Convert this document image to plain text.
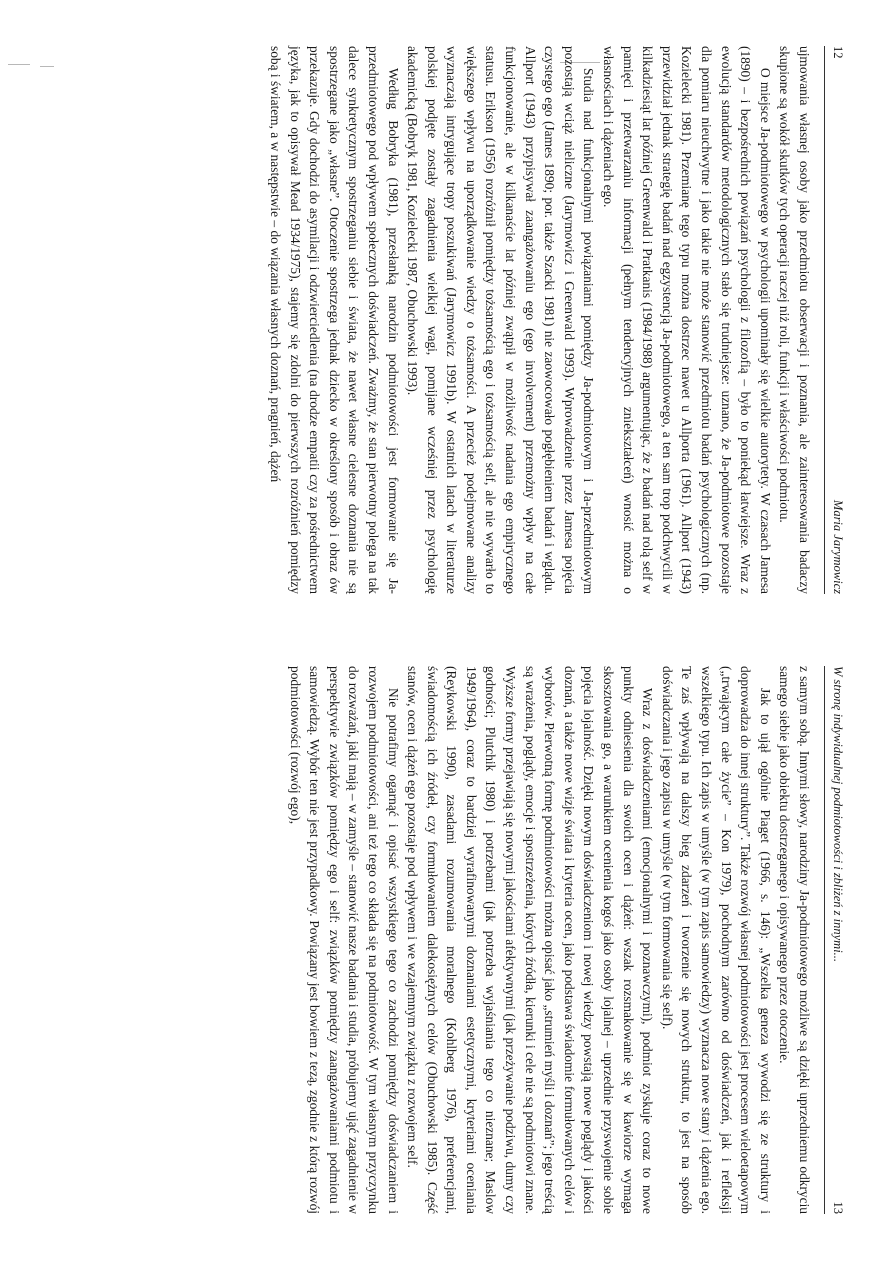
12
Maria Jarymowicz

ujmowania własnej osoby jako przedmiotu obserwacji i poznania, ale zainteresowania badaczy skupione są wokół skutków tych operacji raczej niż roli, funkcji i właściwości podmiotu.

O miejsce Ja-podmiotowego w psychologii upominały się wielkie autorytety. W czasach Jamesa (1890) – i bezpośrednich powiązań psychologii z filozofią – było to poniekąd łatwiejsze. Wraz z ewolucją standardów metodologicznych stało się trudniejsze: uznano, że Ja-podmiotowe pozostaje dla pomiaru nieuchwytne i jako takie nie może stanowić przedmiotu badań psychologicznych (np. Kozielecki 1981). Przemianę tego typu można dostrzec nawet u Allporta (1961). Allport (1943) przewidział jednak strategię badań nad egzystencją Ja-podmiotowego, a ten sam trop podchwycili w kilkadziesiąt lat później Greenwald i Pratkanis (1984/1988) argumentując, że z badań nad rolą self w pamięci i przetwarzaniu informacji (pełnym tendencyjnych zniekształceń) wnosić można o własnościach i dążeniach ego.

Studia nad funkcjonalnymi powiązaniami pomiędzy Ja-podmiotowym i Ja-przedmiotowym pozostają wciąż nieliczne (Jarymowicz i Greenwald 1993). Wprowadzenie przez Jamesa pojęcia czystego ego (James 1890; por. także Szacki 1981) nie zaowocowało pogłębieniem badań i wglądu. Allport (1943) przypisywał zaangażowaniu ego (ego involvement) przemożny wpływ na całe funkcjonowanie, ale w kilkanaście lat później zwątpił w możliwość nadania ego empirycznego statusu. Erikson (1956) rozróżnił pomiędzy tożsamością ego i tożsamością self, ale nie wywarło to większego wpływu na uporządkowanie wiedzy o tożsamości. A przecież podejmowane analizy wyznaczają intrygujące tropy poszukiwań (Jarymowicz 1991b). W ostatnich latach w literaturze polskiej podjęte zostały zagadnienia wielkiej wagi, pomijane wcześniej przez psychologię akademicką (Bobryk 1981, Kozielecki 1987, Obuchowski 1993).

Według Bobryka (1981), przesłanką narodzin podmiotowości jest formowanie się Ja-przedmiotowego pod wpływem społecznych doświadczeń. Zważmy, że stan pierwotny polega na tak dalece synkretycznym spostrzeganiu siebie i świata, że nawet własne cielesne doznania nie są spostrzegane jako „własne”. Otoczenie spostrzega jednak dziecko w określony sposób i obraz ów przekazuje. Gdy dochodzi do asymilacji i odzwierciedlenia (na drodze empatii czy za pośrednictwem języka, jak to opisywał Mead 1934/1975), stajemy się zdolni do pierwszych rozróżnień pomiędzy sobą i światem, a w następstwie – do wiązania własnych doznań, pragnień, dążeń

W stronę indywidualnej podmiotowości i zbliżeń z innymi...
13

z samym sobą. Innymi słowy, narodziny Ja-podmiotowego możliwe są dzięki uprzedniemu odkryciu samego siebie jako obiektu dostrzeganego i opisywanego przez otoczenie.

Jak to ujął ogólnie Piaget (1966, s. 146): „Wszelka geneza wywodzi się ze struktury i doprowadza do innej struktury”. Także rozwój własnej podmiotowości jest procesem wieloetapowym („trwającym całe życie” – Kon 1979), pochodnym zarówno od doświadczeń, jak i refleksji wszelkiego typu. Ich zapis w umyśle (w tym zapis samowiedzy) wyznacza nowe stany i dążenia ego. Te zaś wpływają na dalszy bieg zdarzeń i tworzenie się nowych struktur, to jest na sposób doświadczania i jego zapisu w umyśle (w tym formowania się self).

Wraz z doświadczeniami (emocjonalnymi i poznawczymi), podmiot zyskuje coraz to nowe punkty odniesienia dla swoich ocen i dążeń: wszak rozsmakowanie się w kawiorze wymaga skosztowania go, a warunkiem ocenienia kogoś jako osoby lojalnej – uprzednie przyswojenie sobie pojęcia lojalność. Dzięki nowym doświadczeniom i nowej wiedzy powstają nowe poglądy i jakości doznań, a także nowe wizje świata i kryteria ocen, jako podstawa świadomie formułowanych celów i wyborów. Pierwotną formę podmiotowości można opisać jako „strumień myśli i doznań”; jego treścią są wrażenia, poglądy, emocje i spostrzeżenia, których źródła, kierunki i cele nie są podmiotowi znane. Wyższe formy przejawiają się nowymi jakościami afektywnymi (jak przeżywanie podziwu, dumy czy godności; Plutchik 1980) i potrzebami (jak potrzeba wyjaśniania tego co nieznane; Maslow 1949/1964), coraz to bardziej wyrafinowanymi doznaniami estetycznymi, kryteriami oceniania (Reykowski 1990), zasadami rozumowania moralnego (Kohlberg 1976), preferencjami, świadomością ich źródeł, czy formułowaniem dalekosiężnych celów (Obuchowski 1985). Część stanów, ocen i dążeń ego pozostaje pod wpływem i we wzajemnym związku z rozwojem self.

Nie potrafimy ogarnąć i opisać wszystkiego tego co zachodzi pomiędzy doświadczaniem i rozwojem podmiotowości, ani też tego co składa się na podmiotowość. W tym własnym przyczynku do rozważań, jaki mają – w zamyśle – stanowić nasze badania i studia, próbujemy ująć zagadnienie w perspektywie związków pomiędzy ego i self: związków pomiędzy zaangażowaniami podmiotu i samowiedzą. Wybór ten nie jest przypadkowy. Powiązany jest bowiem z tezą, zgodnie z którą rozwój podmiotowości (rozwój ego),
